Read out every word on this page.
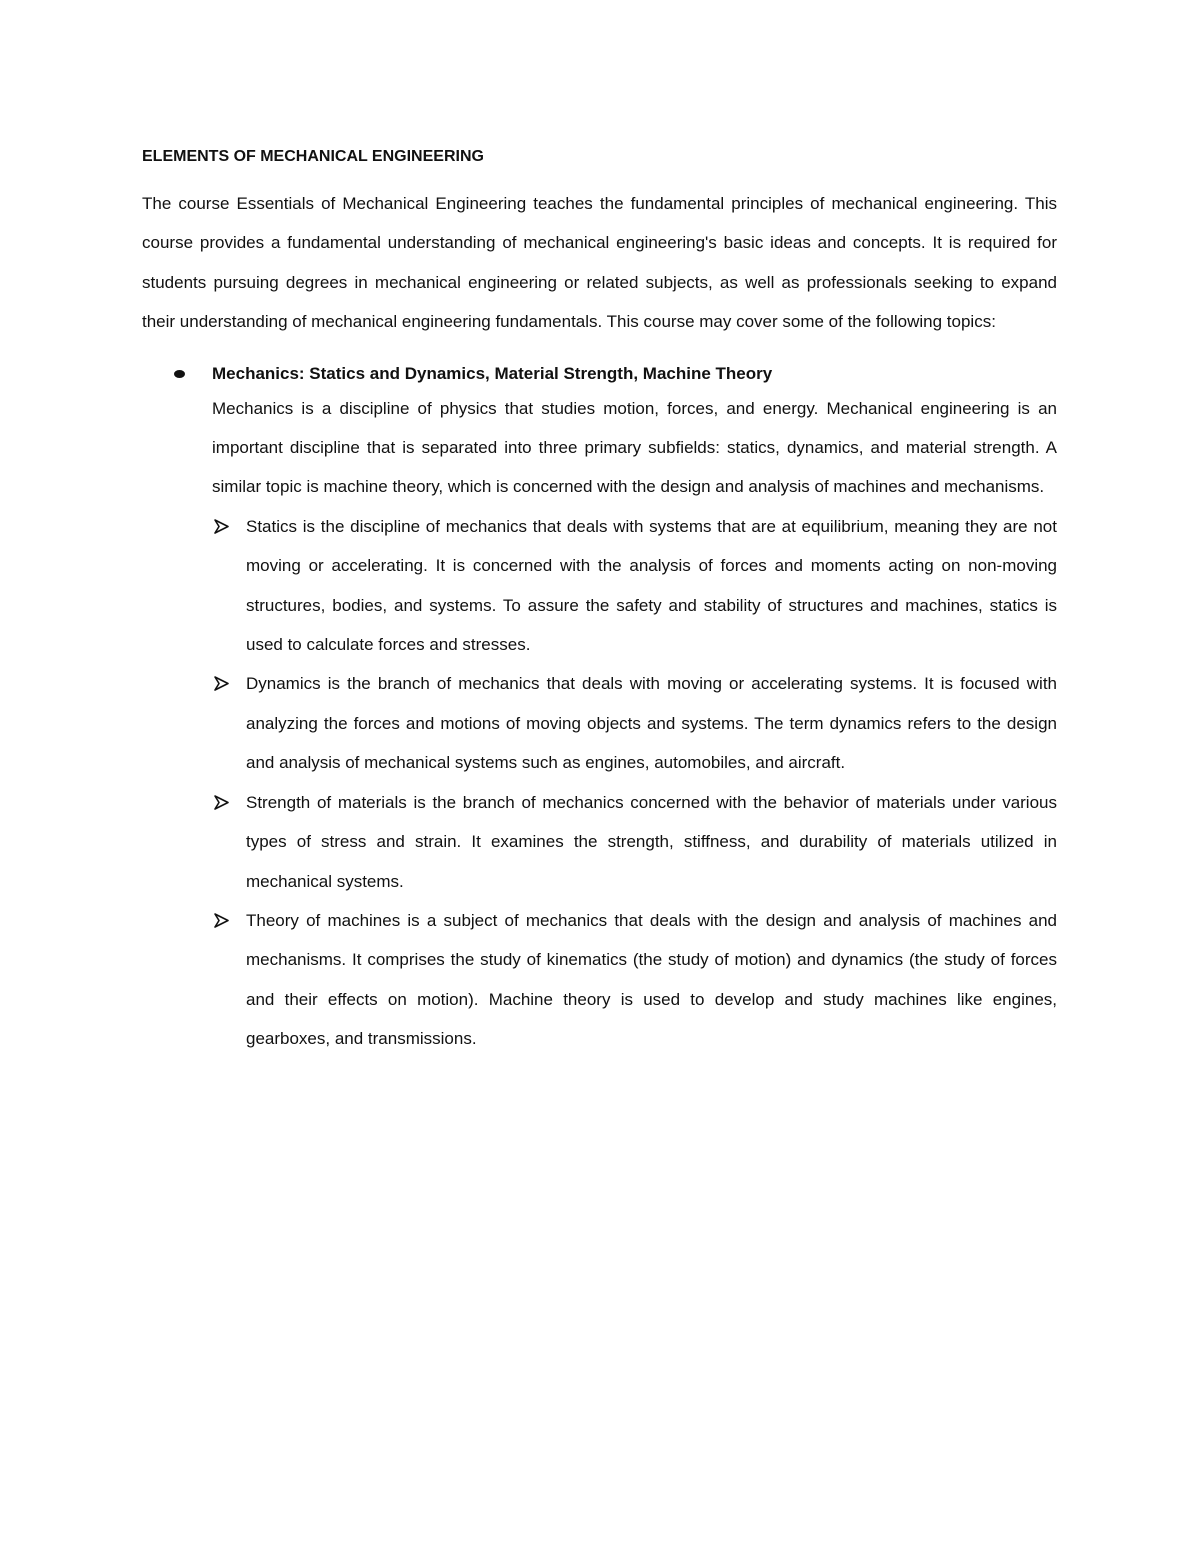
ELEMENTS OF MECHANICAL ENGINEERING

The course Essentials of Mechanical Engineering teaches the fundamental principles of mechanical engineering. This course provides a fundamental understanding of mechanical engineering's basic ideas and concepts. It is required for students pursuing degrees in mechanical engineering or related subjects, as well as professionals seeking to expand their understanding of mechanical engineering fundamentals. This course may cover some of the following topics:

Mechanics: Statics and Dynamics, Material Strength, Machine Theory

Mechanics is a discipline of physics that studies motion, forces, and energy. Mechanical engineering is an important discipline that is separated into three primary subfields: statics, dynamics, and material strength. A similar topic is machine theory, which is concerned with the design and analysis of machines and mechanisms.

Statics is the discipline of mechanics that deals with systems that are at equilibrium, meaning they are not moving or accelerating. It is concerned with the analysis of forces and moments acting on non-moving structures, bodies, and systems. To assure the safety and stability of structures and machines, statics is used to calculate forces and stresses.

Dynamics is the branch of mechanics that deals with moving or accelerating systems. It is focused with analyzing the forces and motions of moving objects and systems. The term dynamics refers to the design and analysis of mechanical systems such as engines, automobiles, and aircraft.

Strength of materials is the branch of mechanics concerned with the behavior of materials under various types of stress and strain. It examines the strength, stiffness, and durability of materials utilized in mechanical systems.

Theory of machines is a subject of mechanics that deals with the design and analysis of machines and mechanisms. It comprises the study of kinematics (the study of motion) and dynamics (the study of forces and their effects on motion). Machine theory is used to develop and study machines like engines, gearboxes, and transmissions.
